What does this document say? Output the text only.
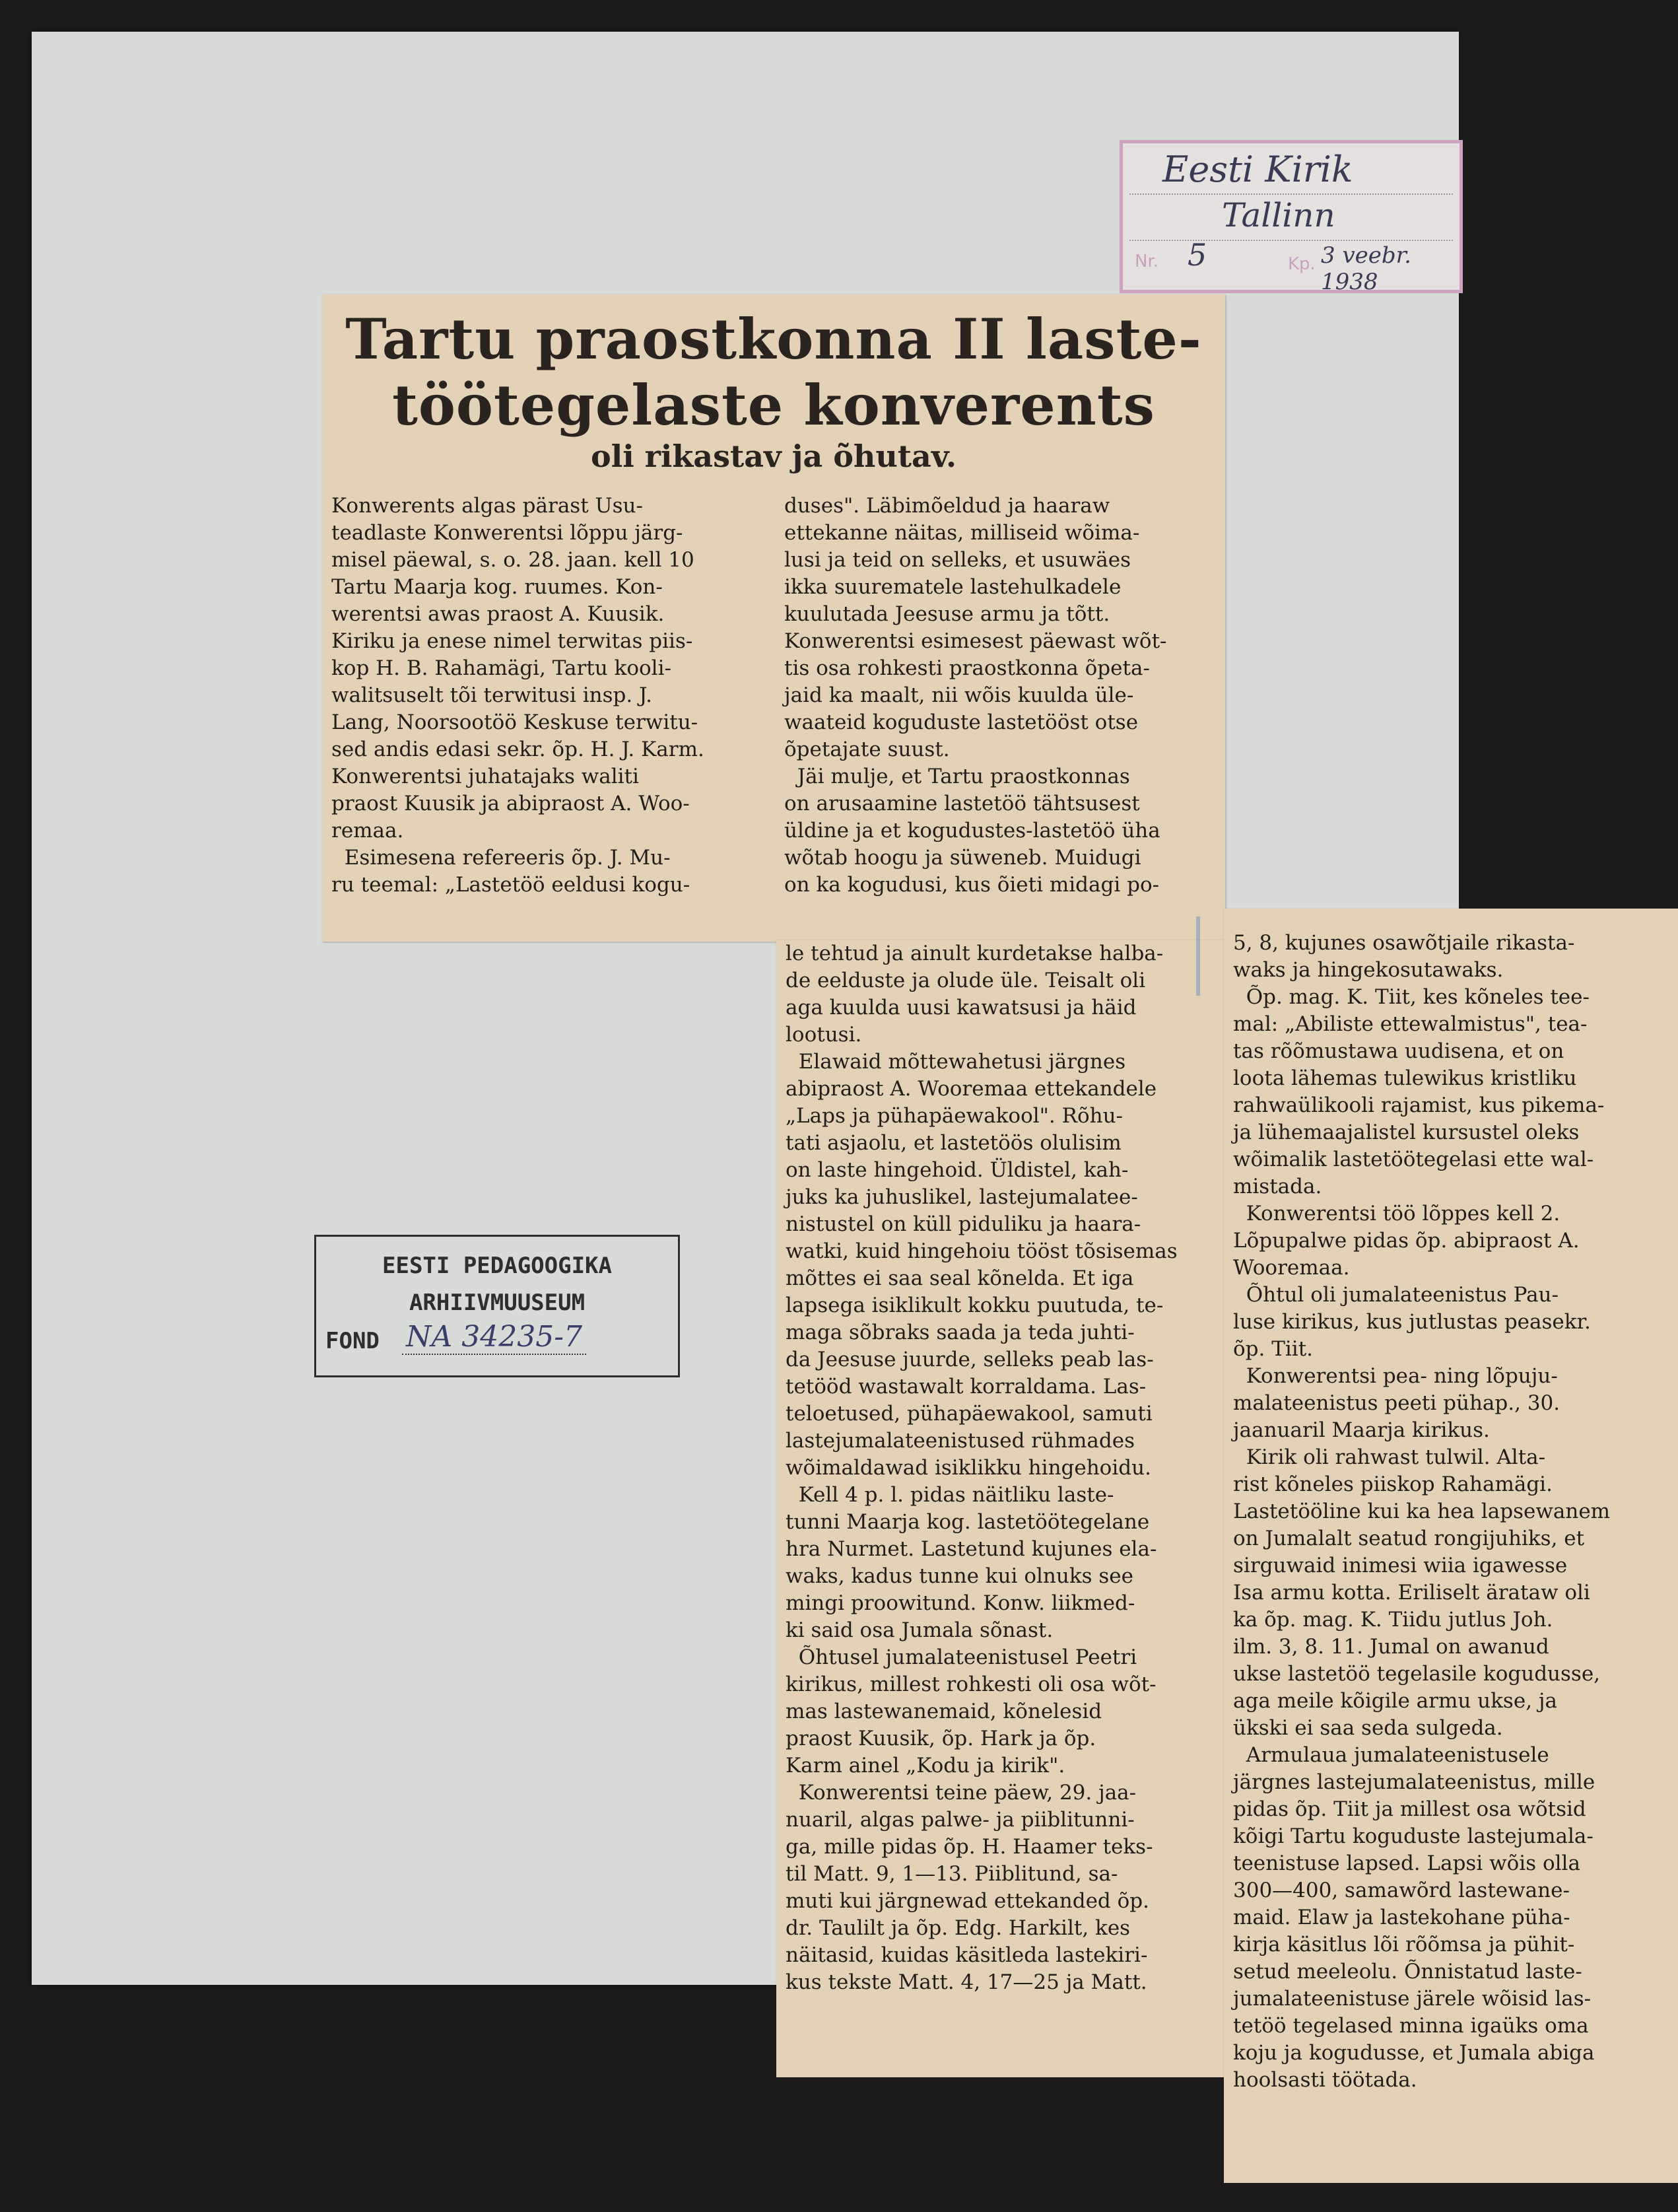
Eesti Kirik
Tallinn
Nr. 5	Kp. 3 veebr. 1938
Tartu praostkonna II laste-
töötegelaste konverents
oli rikastav ja õhutav.
Konwerents algas pärast Usu-
teadlaste Konwerentsi lõppu järg-
misel päewal, s. o. 28. jaan. kell 10
Tartu Maarja kog. ruumes. Kon-
werentsi awas praost A. Kuusik.
Kiriku ja enese nimel terwitas piis-
kop H. B. Rahamägi, Tartu kooli-
walitsuselt tõi terwitusi insp. J.
Lang, Noorsootöö Keskuse terwitu-
sed andis edasi sekr. õp. H. J. Karm.
Konwerentsi juhatajaks waliti
praost Kuusik ja abipraost A. Woo-
remaa.
Esimesena refereeris õp. J. Mu-
ru teemal: „Lastetöö eeldusi kogu-
duses". Läbimõeldud ja haaraw
ettekanne näitas, milliseid wõima-
lusi ja teid on selleks, et usuwäes
ikka suurematele lastehulkadele
kuulutada Jeesuse armu ja tõtt.
Konwerentsi esimesest päewast wõt-
tis osa rohkesti praostkonna õpeta-
jaid ka maalt, nii wõis kuulda üle-
waateid koguduste lastetööst otse
õpetajate suust.
Jäi mulje, et Tartu praostkonnas
on arusaamine lastetöö tähtsusest
üldine ja et kogudustes-lastetöö üha
wõtab hoogu ja süweneb. Muidugi
on ka kogudusi, kus õieti midagi po-
le tehtud ja ainult kurdetakse halba-
de eelduste ja olude üle. Teisalt oli
aga kuulda uusi kawatsusi ja häid
lootusi.
Elawaid mõttewahetusi järgnes
abipraost A. Wooremaa ettekandele
„Laps ja pühapäewakool". Rõhu-
tati asjaolu, et lastetöös olulisim
on laste hingehoid. Üldistel, kah-
juks ka juhuslikel, lastejumalatee-
nistustel on küll piduliku ja haara-
watki, kuid hingehoiu tööst tõsisemas
mõttes ei saa seal kõnelda. Et iga
lapsega isiklikult kokku puutuda, te-
maga sõbraks saada ja teda juhti-
da Jeesuse juurde, selleks peab las-
tetööd wastawalt korraldama. Las-
teloetused, pühapäewakool, samuti
lastejumalateenistused rühmades
wõimaldawad isiklikku hingehoidu.
Kell 4 p. l. pidas näitliku laste-
tunni Maarja kog. lastetöötegelane
hra Nurmet. Lastetund kujunes ela-
waks, kadus tunne kui olnuks see
mingi proowitund. Konw. liikmed-
ki said osa Jumala sõnast.
Õhtusel jumalateenistusel Peetri
kirikus, millest rohkesti oli osa wõt-
mas lastewanemaid, kõnelesid
praost Kuusik, õp. Hark ja õp.
Karm ainel „Kodu ja kirik".
Konwerentsi teine päew, 29. jaa-
nuaril, algas palwe- ja piiblitunni-
ga, mille pidas õp. H. Haamer teks-
til Matt. 9, 1—13. Piiblitund, sa-
muti kui järgnewad ettekanded õp.
dr. Taulilt ja õp. Edg. Harkilt, kes
näitasid, kuidas käsitleda lastekiri-
kus tekste Matt. 4, 17—25 ja Matt.
5, 8, kujunes osawõtjaile rikasta-
waks ja hingekosutawaks.
Õp. mag. K. Tiit, kes kõneles tee-
mal: „Abiliste ettewalmistus", tea-
tas rõõmustawa uudisena, et on
loota lähemas tulewikus kristliku
rahwaülikooli rajamist, kus pikema-
ja lühemaajalistel kursustel oleks
wõimalik lastetöötegelasi ette wal-
mistada.
Konwerentsi töö lõppes kell 2.
Lõpupalwe pidas õp. abipraost A.
Wooremaa.
Õhtul oli jumalateenistus Pau-
luse kirikus, kus jutlustas peasekr.
õp. Tiit.
Konwerentsi pea- ning lõpuju-
malateenistus peeti pühap., 30.
jaanuaril Maarja kirikus.
Kirik oli rahwast tulwil. Alta-
rist kõneles piiskop Rahamägi.
Lastetööline kui ka hea lapsewanem
on Jumalalt seatud rongijuhiks, et
sirguwaid inimesi wiia igawesse
Isa armu kotta. Eriliselt ärataw oli
ka õp. mag. K. Tiidu jutlus Joh.
ilm. 3, 8. 11. Jumal on awanud
ukse lastetöö tegelasile kogudusse,
aga meile kõigile armu ukse, ja
ükski ei saa seda sulgeda.
Armulaua jumalateenistusele
järgnes lastejumalateenistus, mille
pidas õp. Tiit ja millest osa wõtsid
kõigi Tartu koguduste lastejumala-
teenistuse lapsed. Lapsi wõis olla
300—400, samawõrd lastewane-
maid. Elaw ja lastekohane püha-
kirja käsitlus lõi rõõmsa ja pühit-
setud meeleolu. Õnnistatud laste-
jumalateenistuse järele wõisid las-
tetöö tegelased minna igaüks oma
koju ja kogudusse, et Jumala abiga
hoolsasti töötada.
EESTI PEDAGOOGIKA
ARHIIVMUUSEUM
FOND NA 34235-7
